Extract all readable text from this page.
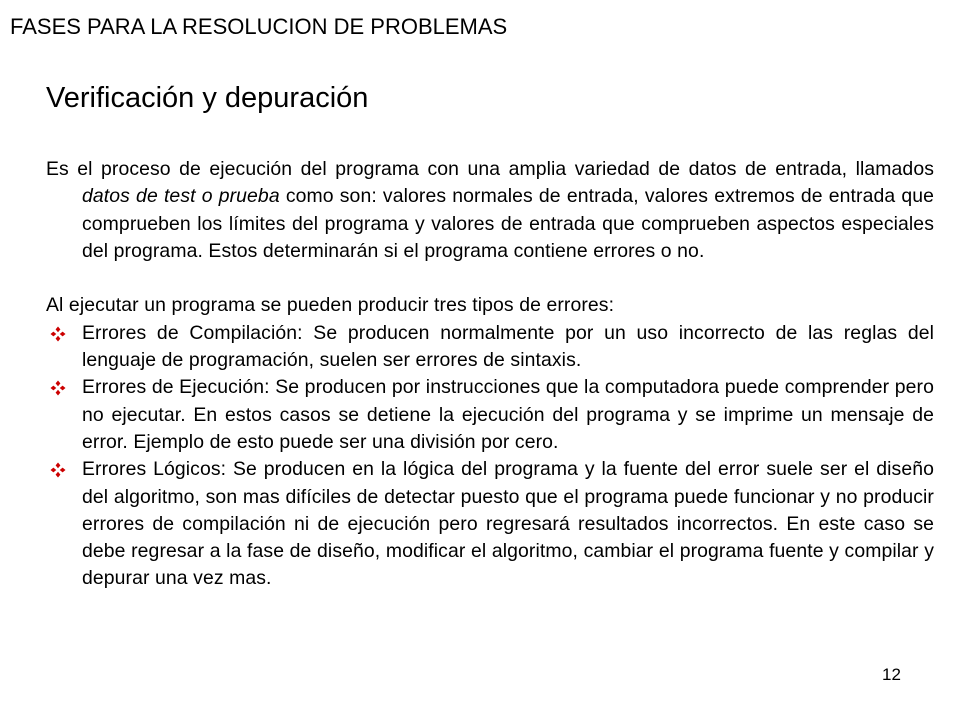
FASES PARA LA RESOLUCION DE PROBLEMAS
Verificación y depuración

Es el proceso de ejecución del programa con una amplia variedad de datos de entrada, llamados datos de test o prueba como son: valores normales de entrada, valores extremos de entrada que comprueben los límites del programa y valores de entrada que comprueben aspectos especiales del programa. Estos determinarán si el programa contiene errores o no.

Al ejecutar un programa se pueden producir tres tipos de errores:

Errores de Compilación: Se producen normalmente por un uso incorrecto de las reglas del lenguaje de programación, suelen ser errores de sintaxis.
Errores de Ejecución: Se producen por instrucciones que la computadora puede comprender pero no ejecutar. En estos casos se detiene la ejecución del programa y se imprime un mensaje de error. Ejemplo de esto puede ser una división por cero.
Errores Lógicos: Se producen en la lógica del programa y la fuente del error suele ser el diseño del algoritmo, son mas difíciles de detectar puesto que el programa puede funcionar y no producir errores de compilación ni de ejecución pero regresará resultados incorrectos. En este caso se debe regresar a la fase de diseño, modificar el algoritmo, cambiar el programa fuente y compilar y depurar una vez mas.
12
